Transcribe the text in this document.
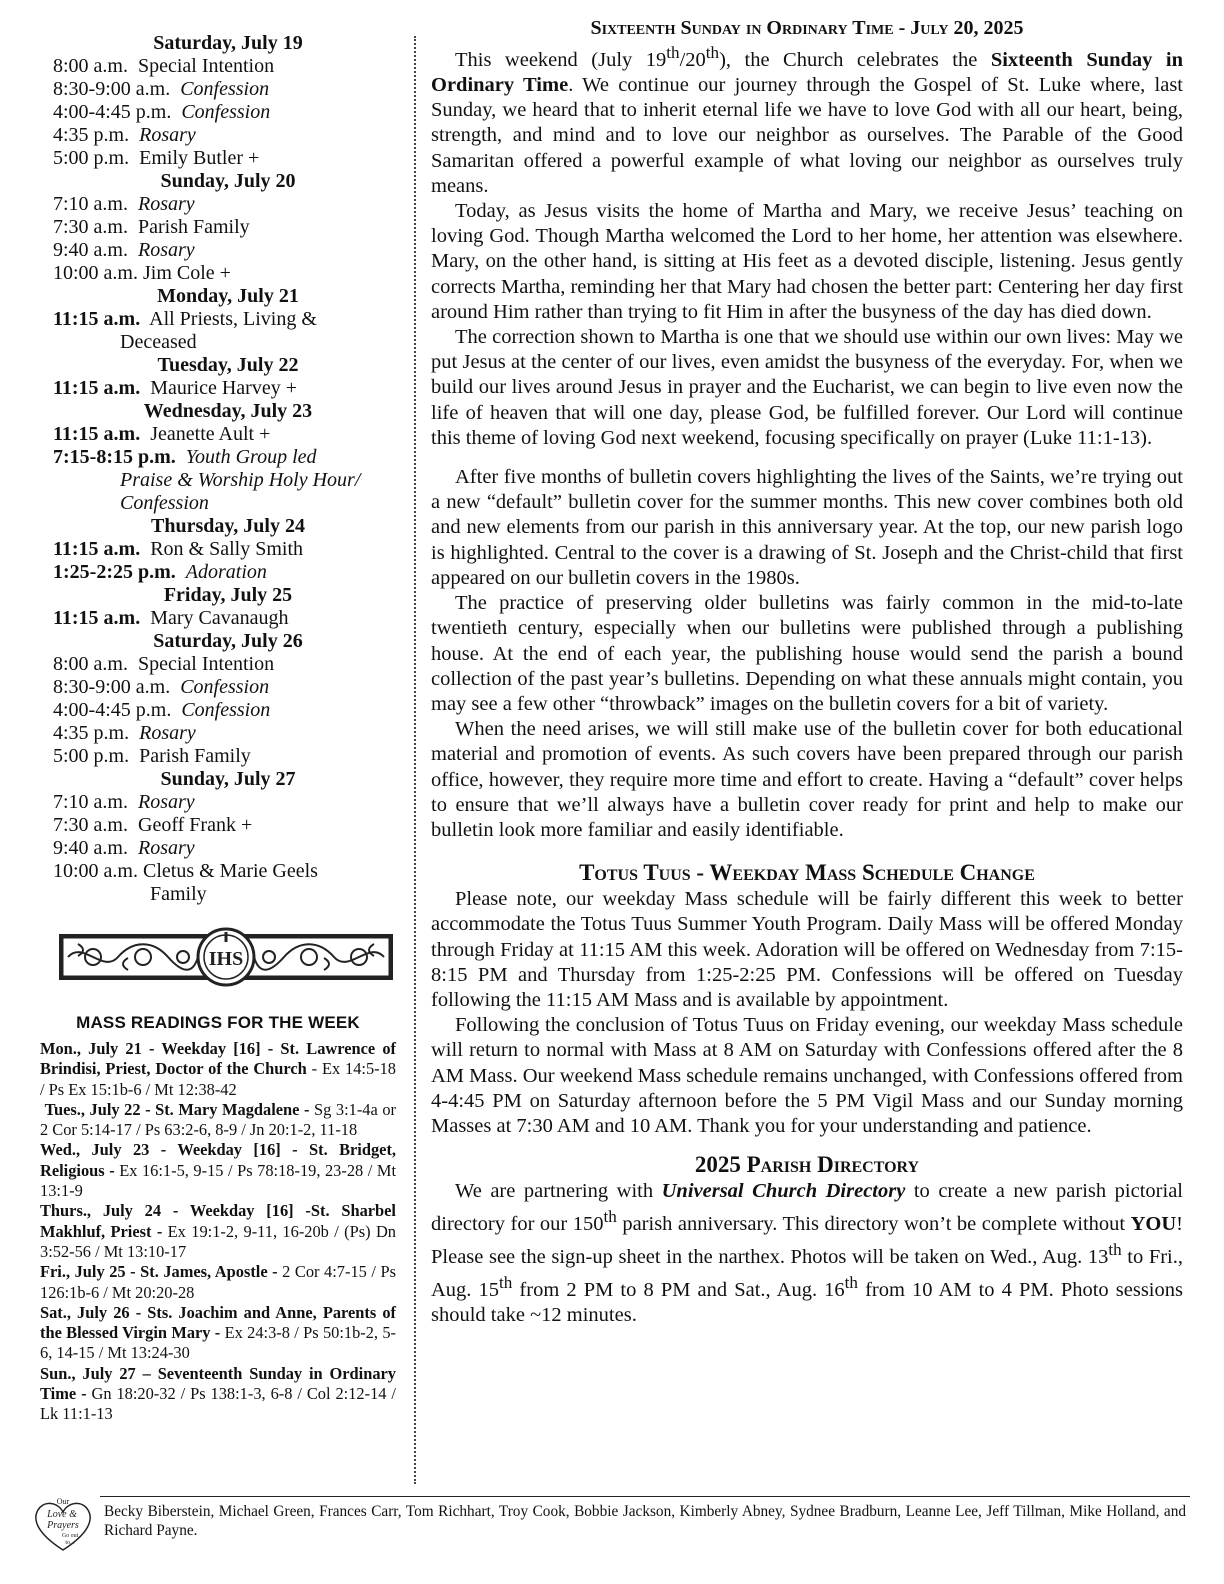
Saturday, July 19
8:00 a.m. Special Intention
8:30-9:00 a.m. Confession
4:00-4:45 p.m. Confession
4:35 p.m. Rosary
5:00 p.m. Emily Butler +
Sunday, July 20
7:10 a.m. Rosary
7:30 a.m. Parish Family
9:40 a.m. Rosary
10:00 a.m. Jim Cole +
Monday, July 21
11:15 a.m. All Priests, Living &
Deceased
Tuesday, July 22
11:15 a.m. Maurice Harvey +
Wednesday, July 23
11:15 a.m. Jeanette Ault +
7:15-8:15 p.m. Youth Group led
Praise & Worship Holy Hour/
Confession
Thursday, July 24
11:15 a.m. Ron & Sally Smith
1:25-2:25 p.m. Adoration
Friday, July 25
11:15 a.m. Mary Cavanaugh
Saturday, July 26
8:00 a.m. Special Intention
8:30-9:00 a.m. Confession
4:00-4:45 p.m. Confession
4:35 p.m. Rosary
5:00 p.m. Parish Family
Sunday, July 27
7:10 a.m. Rosary
7:30 a.m. Geoff Frank +
9:40 a.m. Rosary
10:00 a.m. Cletus & Marie Geels
Family
IHS
MASS READINGS FOR THE WEEK

Mon., July 21 - Weekday [16] - St. Lawrence of Brindisi, Priest, Doctor of the Church - Ex 14:5-18 / Ps Ex 15:1b-6 / Mt 12:38-42

Tues., July 22 - St. Mary Magdalene - Sg 3:1-4a or 2 Cor 5:14-17 / Ps 63:2-6, 8-9 / Jn 20:1-2, 11-18

Wed., July 23 - Weekday [16] - St. Bridget, Religious - Ex 16:1-5, 9-15 / Ps 78:18-19, 23-28 / Mt 13:1-9

Thurs., July 24 - Weekday [16] -St. Sharbel Makhluf, Priest - Ex 19:1-2, 9-11, 16-20b / (Ps) Dn 3:52-56 / Mt 13:10-17

Fri., July 25 - St. James, Apostle - 2 Cor 4:7-15 / Ps 126:1b-6 / Mt 20:20-28

Sat., July 26 - Sts. Joachim and Anne, Parents of the Blessed Virgin Mary - Ex 24:3-8 / Ps 50:1b-2, 5-6, 14-15 / Mt 13:24-30

Sun., July 27 – Seventeenth Sunday in Ordinary Time - Gn 18:20-32 / Ps 138:1-3, 6-8 / Col 2:12-14 / Lk 11:1-13

Sixteenth Sunday in Ordinary Time - July 20, 2025

This weekend (July 19th/20th), the Church celebrates the Sixteenth Sunday in Ordinary Time. We continue our journey through the Gospel of St. Luke where, last Sunday, we heard that to inherit eternal life we have to love God with all our heart, being, strength, and mind and to love our neighbor as ourselves. The Parable of the Good Samaritan offered a powerful example of what loving our neighbor as ourselves truly means.

Today, as Jesus visits the home of Martha and Mary, we receive Jesus’ teaching on loving God. Though Martha welcomed the Lord to her home, her attention was elsewhere. Mary, on the other hand, is sitting at His feet as a devoted disciple, listening. Jesus gently corrects Martha, reminding her that Mary had chosen the better part: Centering her day first around Him rather than trying to fit Him in after the busyness of the day has died down.

The correction shown to Martha is one that we should use within our own lives: May we put Jesus at the center of our lives, even amidst the busyness of the everyday. For, when we build our lives around Jesus in prayer and the Eucharist, we can begin to live even now the life of heaven that will one day, please God, be fulfilled forever. Our Lord will continue this theme of loving God next weekend, focusing specifically on prayer (Luke 11:1-13).

After five months of bulletin covers highlighting the lives of the Saints, we’re trying out a new “default” bulletin cover for the summer months. This new cover combines both old and new elements from our parish in this anniversary year. At the top, our new parish logo is highlighted. Central to the cover is a drawing of St. Joseph and the Christ-child that first appeared on our bulletin covers in the 1980s.

The practice of preserving older bulletins was fairly common in the mid-to-late twentieth century, especially when our bulletins were published through a publishing house. At the end of each year, the publishing house would send the parish a bound collection of the past year’s bulletins. Depending on what these annuals might contain, you may see a few other “throwback” images on the bulletin covers for a bit of variety.

When the need arises, we will still make use of the bulletin cover for both educational material and promotion of events. As such covers have been prepared through our parish office, however, they require more time and effort to create. Having a “default” cover helps to ensure that we’ll always have a bulletin cover ready for print and help to make our bulletin look more familiar and easily identifiable.

Totus Tuus - Weekday Mass Schedule Change

Please note, our weekday Mass schedule will be fairly different this week to better accommodate the Totus Tuus Summer Youth Program. Daily Mass will be offered Monday through Friday at 11:15 AM this week. Adoration will be offered on Wednesday from 7:15-8:15 PM and Thursday from 1:25-2:25 PM. Confessions will be offered on Tuesday following the 11:15 AM Mass and is available by appointment.

Following the conclusion of Totus Tuus on Friday evening, our weekday Mass schedule will return to normal with Mass at 8 AM on Saturday with Confessions offered after the 8 AM Mass. Our weekend Mass schedule remains unchanged, with Confessions offered from 4-4:45 PM on Saturday afternoon before the 5 PM Vigil Mass and our Sunday morning Masses at 7:30 AM and 10 AM. Thank you for your understanding and patience.

2025 Parish Directory

We are partnering with Universal Church Directory to create a new parish pictorial directory for our 150th parish anniversary. This directory won’t be complete without YOU! Please see the sign-up sheet in the narthex. Photos will be taken on Wed., Aug. 13th to Fri., Aug. 15th from 2 PM to 8 PM and Sat., Aug. 16th from 10 AM to 4 PM. Photo sessions should take ~12 minutes.

Our
Love &
Prayers
Go out
to...
Becky Biberstein, Michael Green, Frances Carr, Tom Richhart, Troy Cook, Bobbie Jackson, Kimberly Abney, Sydnee Bradburn, Leanne Lee, Jeff Tillman, Mike Holland, and Richard Payne.
